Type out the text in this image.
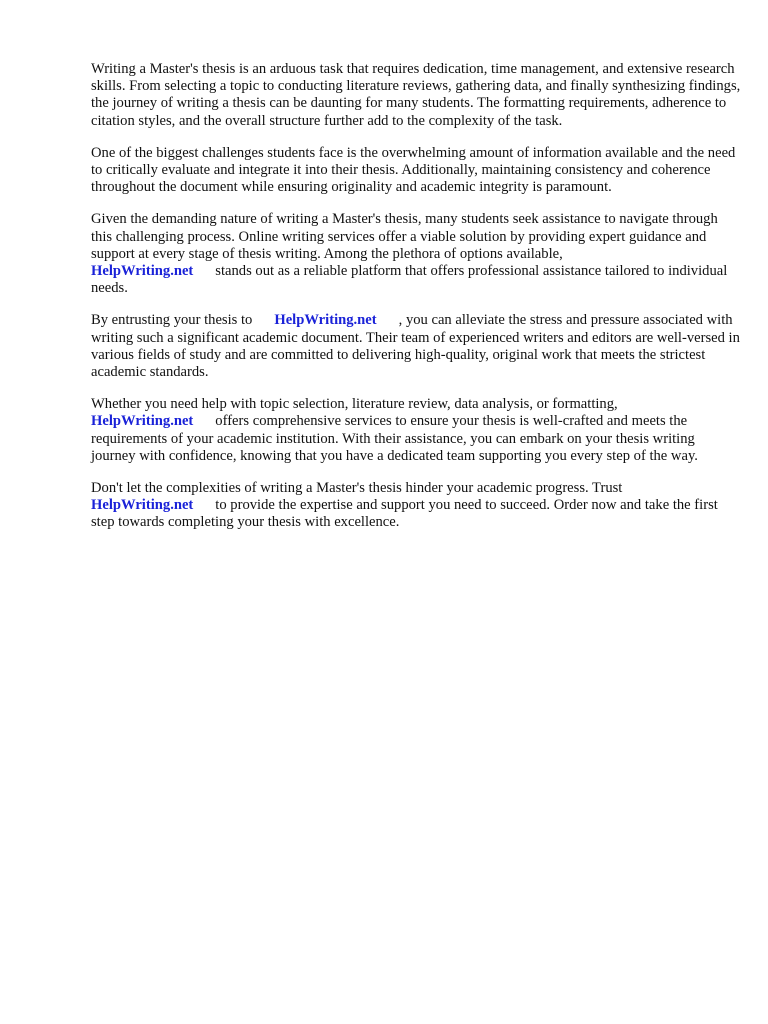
Writing a Master's thesis is an arduous task that requires dedication, time management, and extensive research skills. From selecting a topic to conducting literature reviews, gathering data, and finally synthesizing findings, the journey of writing a thesis can be daunting for many students. The formatting requirements, adherence to citation styles, and the overall structure further add to the complexity of the task.

One of the biggest challenges students face is the overwhelming amount of information available and the need to critically evaluate and integrate it into their thesis. Additionally, maintaining consistency and coherence throughout the document while ensuring originality and academic integrity is paramount.

Given the demanding nature of writing a Master's thesis, many students seek assistance to navigate through this challenging process. Online writing services offer a viable solution by providing expert guidance and support at every stage of thesis writing. Among the plethora of options available,
HelpWriting.net stands out as a reliable platform that offers professional assistance tailored to individual needs.

By entrusting your thesis to HelpWriting.net , you can alleviate the stress and pressure associated with writing such a significant academic document. Their team of experienced writers and editors are well-versed in various fields of study and are committed to delivering high-quality, original work that meets the strictest academic standards.

Whether you need help with topic selection, literature review, data analysis, or formatting,
HelpWriting.net offers comprehensive services to ensure your thesis is well-crafted and meets the requirements of your academic institution. With their assistance, you can embark on your thesis writing journey with confidence, knowing that you have a dedicated team supporting you every step of the way.

Don't let the complexities of writing a Master's thesis hinder your academic progress. Trust
HelpWriting.net to provide the expertise and support you need to succeed. Order now and take the first step towards completing your thesis with excellence.
